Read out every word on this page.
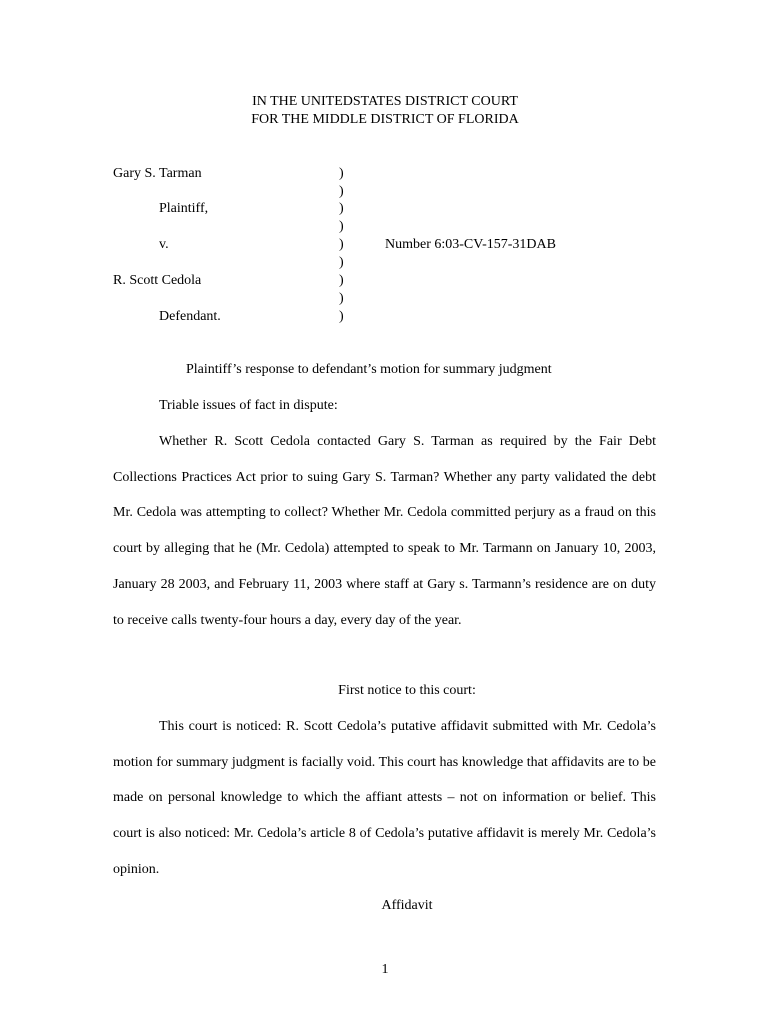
IN THE UNITEDSTATES DISTRICT COURT
FOR THE MIDDLE DISTRICT OF FLORIDA
Gary S. Tarman
Plaintiff,
v.
R. Scott Cedola
Defendant.
)
)
)
)
)
)
)
)
)
Number 6:03-CV-157-31DAB
Plaintiff’s response to defendant’s motion for summary judgment
Triable issues of fact in dispute:

Whether R. Scott Cedola contacted Gary S. Tarman as required by the Fair Debt Collections Practices Act prior to suing Gary S. Tarman? Whether any party validated the debt Mr. Cedola was attempting to collect? Whether Mr. Cedola committed perjury as a fraud on this court by alleging that he (Mr. Cedola) attempted to speak to Mr. Tarmann on January 10, 2003, January 28 2003, and February 11, 2003 where staff at Gary s. Tarmann’s residence are on duty to receive calls twenty-four hours a day, every day of the year.

First notice to this court:

This court is noticed: R. Scott Cedola’s putative affidavit submitted with Mr. Cedola’s motion for summary judgment is facially void. This court has knowledge that affidavits are to be made on personal knowledge to which the affiant attests – not on information or belief. This court is also noticed: Mr. Cedola’s article 8 of Cedola’s putative affidavit is merely Mr. Cedola’s opinion.

Affidavit
1
